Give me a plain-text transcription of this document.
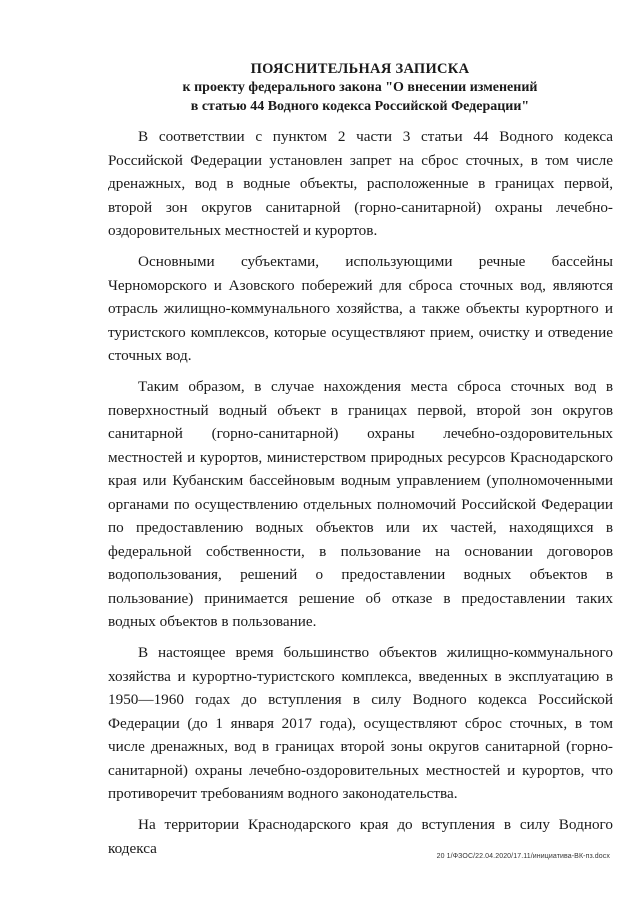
ПОЯСНИТЕЛЬНАЯ ЗАПИСКА
к проекту федерального закона "О внесении изменений
в статью 44 Водного кодекса Российской Федерации"

В соответствии с пунктом 2 части 3 статьи 44 Водного кодекса Российской Федерации установлен запрет на сброс сточных, в том числе дренажных, вод в водные объекты, расположенные в границах первой, второй зон округов санитарной (горно-санитарной) охраны лечебно-оздоровительных местностей и курортов.

Основными субъектами, использующими речные бассейны Черноморского и Азовского побережий для сброса сточных вод, являются отрасль жилищно-коммунального хозяйства, а также объекты курортного и туристского комплексов, которые осуществляют прием, очистку и отведение сточных вод.

Таким образом, в случае нахождения места сброса сточных вод в поверхностный водный объект в границах первой, второй зон округов санитарной (горно-санитарной) охраны лечебно-оздоровительных местностей и курортов, министерством природных ресурсов Краснодарского края или Кубанским бассейновым водным управлением (уполномоченными органами по осуществлению отдельных полномочий Российской Федерации по предоставлению водных объектов или их частей, находящихся в федеральной собственности, в пользование на основании договоров водопользования, решений о предоставлении водных объектов в пользование) принимается решение об отказе в предоставлении таких водных объектов в пользование.

В настоящее время большинство объектов жилищно-коммунального хозяйства и курортно-туристского комплекса, введенных в эксплуатацию в 1950—1960 годах до вступления в силу Водного кодекса Российской Федерации (до 1 января 2017 года), осуществляют сброс сточных, в том числе дренажных, вод в границах второй зоны округов санитарной (горно-санитарной) охраны лечебно-оздоровительных местностей и курортов, что противоречит требованиям водного законодательства.

На территории Краснодарского края до вступления в силу Водного кодекса	20 1/ФЗОС/22.04.2020/17.11/инициатива-ВК-пз.docx
